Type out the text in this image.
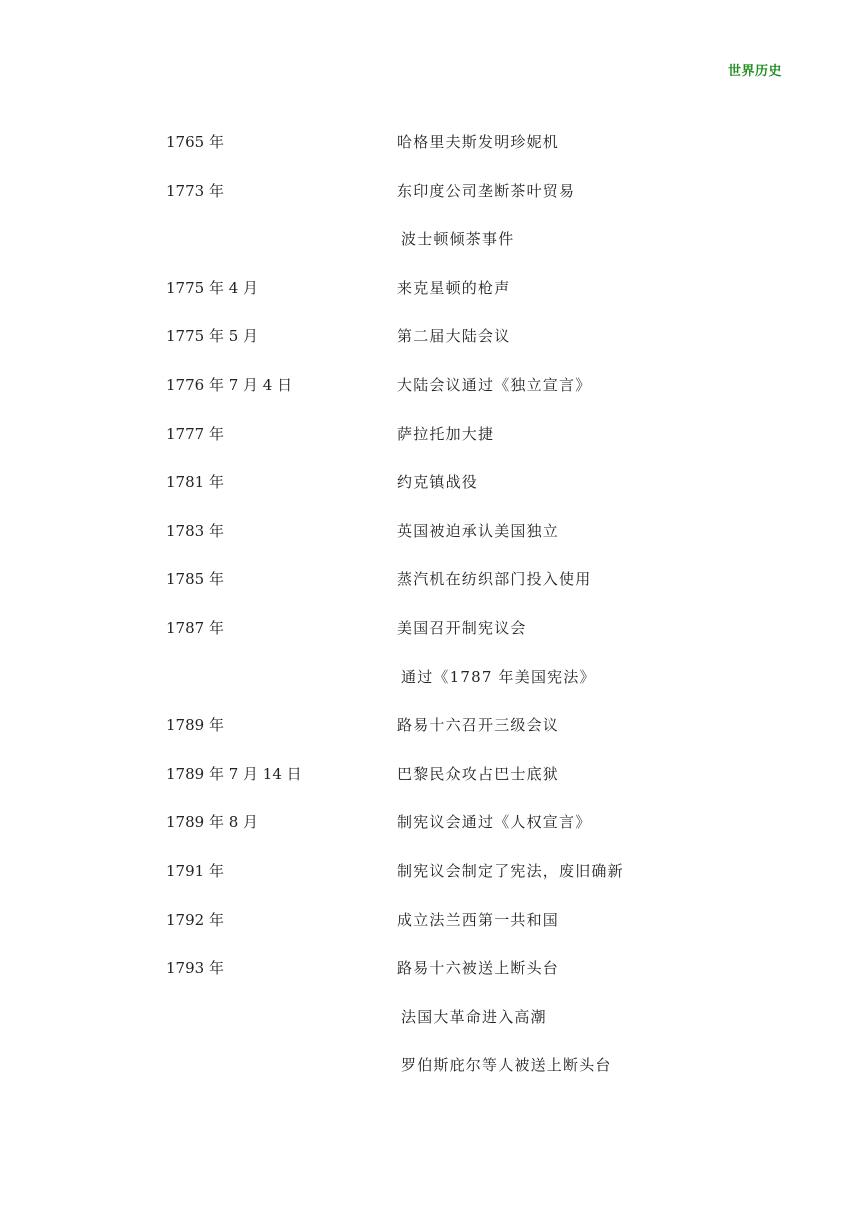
世界历史
1765 年	哈格里夫斯发明珍妮机
1773 年	东印度公司垄断茶叶贸易
波士顿倾茶事件
1775 年 4 月	来克星顿的枪声
1775 年 5 月	第二届大陆会议
1776 年 7 月 4 日	大陆会议通过《独立宣言》
1777 年	萨拉托加大捷
1781 年	约克镇战役
1783 年	英国被迫承认美国独立
1785 年	蒸汽机在纺织部门投入使用
1787 年	美国召开制宪议会
通过《1787 年美国宪法》
1789 年	路易十六召开三级会议
1789 年 7 月 14 日	巴黎民众攻占巴士底狱
1789 年 8 月	制宪议会通过《人权宣言》
1791 年	制宪议会制定了宪法，废旧确新
1792 年	成立法兰西第一共和国
1793 年	路易十六被送上断头台
法国大革命进入高潮
罗伯斯庇尔等人被送上断头台
